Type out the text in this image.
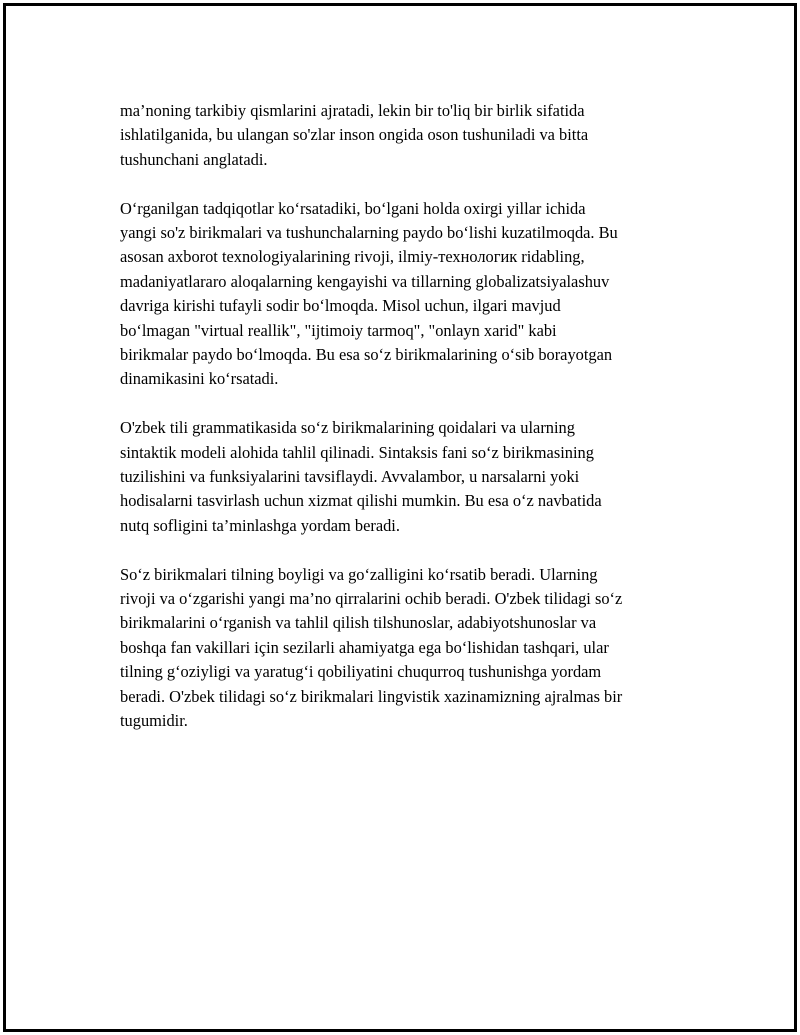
ma’noning tarkibiy qismlarini ajratadi, lekin bir to'liq bir birlik sifatida
ishlatilganida, bu ulangan so'zlar inson ongida oson tushuniladi va bitta
tushunchani anglatadi.

O‘rganilgan tadqiqotlar ko‘rsatadiki, bo‘lgani holda oxirgi yillar ichida
yangi so'z birikmalari va tushunchalarning paydo bo‘lishi kuzatilmoqda. Bu
asosan axborot texnologiyalarining rivoji, ilmiy-технологик ridabling,
madaniyatlararo aloqalarning kengayishi va tillarning globalizatsiyalashuv
davriga kirishi tufayli sodir bo‘lmoqda. Misol uchun, ilgari mavjud
bo‘lmagan "virtual reallik", "ijtimoiy tarmoq", "onlayn xarid" kabi
birikmalar paydo bo‘lmoqda. Bu esa so‘z birikmalarining o‘sib borayotgan
dinamikasini ko‘rsatadi.

O'zbek tili grammatikasida so‘z birikmalarining qoidalari va ularning
sintaktik modeli alohida tahlil qilinadi. Sintaksis fani so‘z birikmasining
tuzilishini va funksiyalarini tavsiflaydi. Avvalambor, u narsalarni yoki
hodisalarni tasvirlash uchun xizmat qilishi mumkin. Bu esa o‘z navbatida
nutq sofligini ta’minlashga yordam beradi.

So‘z birikmalari tilning boyligi va go‘zalligini ko‘rsatib beradi. Ularning
rivoji va o‘zgarishi yangi ma’no qirralarini ochib beradi. O'zbek tilidagi so‘z
birikmalarini o‘rganish va tahlil qilish tilshunoslar, adabiyotshunoslar va
boshqa fan vakillari için sezilarli ahamiyatga ega bo‘lishidan tashqari, ular
tilning g‘oziyligi va yaratug‘i qobiliyatini chuqurroq tushunishga yordam
beradi. O'zbek tilidagi so‘z birikmalari lingvistik xazinamizning ajralmas bir
tugumidir.
